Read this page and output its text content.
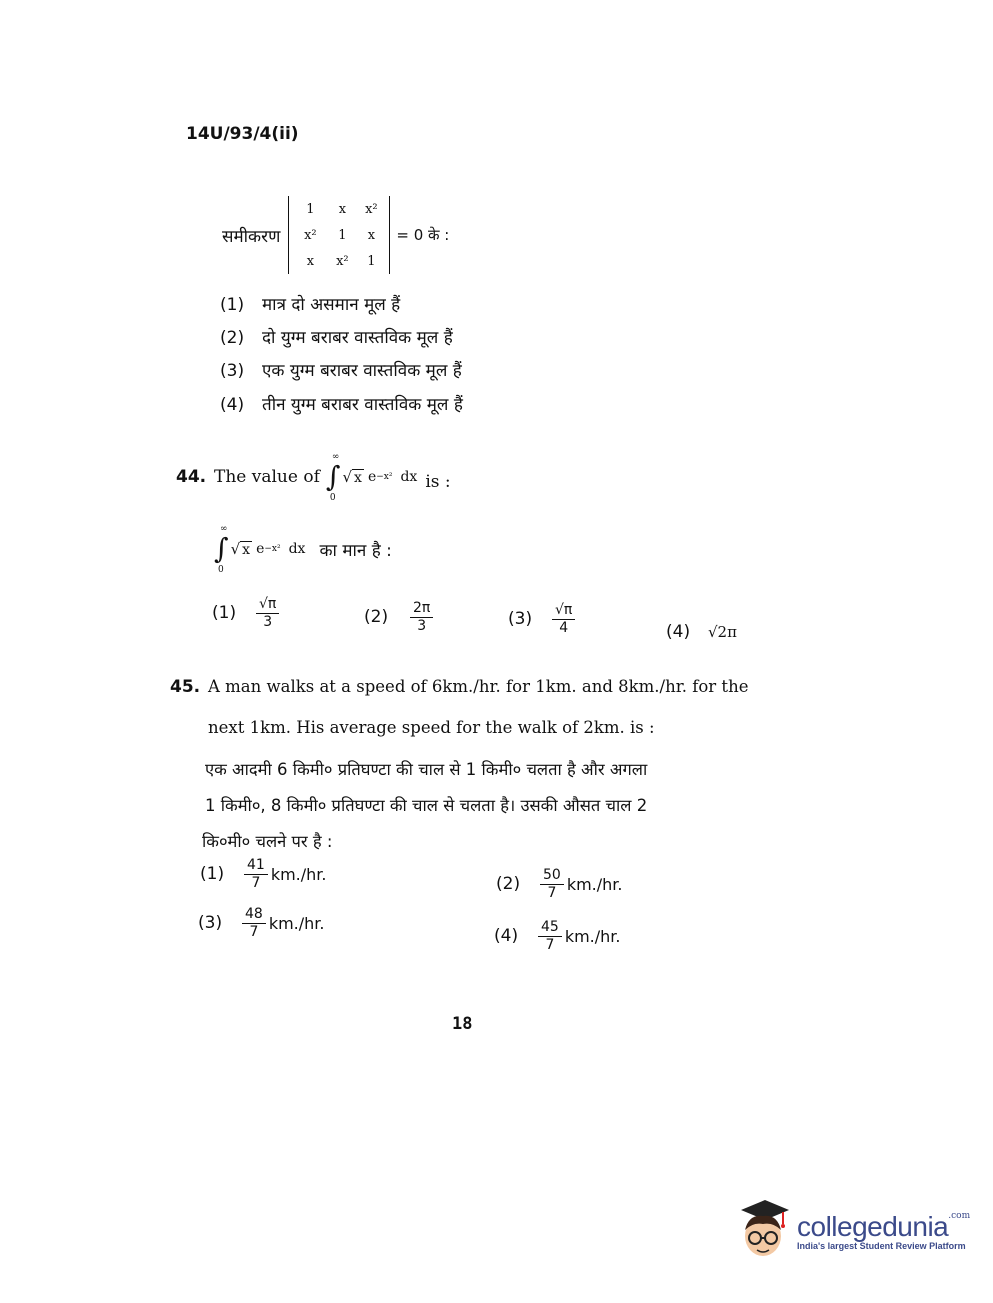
14U/93/4(ii)
समीकरण
1	x	x²
x²	1	x
x	x²	1
= 0 के :
(1) मात्र दो असमान मूल हैं
(2) दो युग्म बराबर वास्तविक मूल हैं
(3) एक युग्म बराबर वास्तविक मूल हैं
(4) तीन युग्म बराबर वास्तविक मूल हैं
44. The value of ∫
∞
0
√ x e −x² dx is :
∫
∞
0
√ x e −x² dx का मान है :
(1)	$\frac{√\pi}{3}$	(2)	$\frac{2\pi}{3}$	(3)	$\frac{√\pi}{4}$	(4)	√2π
45. A man walks at a speed of 6km./hr. for 1km. and 8km./hr. for the
next 1km. His average speed for the walk of 2km. is :
एक आदमी 6 किमी० प्रतिघण्टा की चाल से 1 किमी० चलता है और अगला
1 किमी०, 8 किमी० प्रतिघण्टा की चाल से चलता है। उसकी औसत चाल 2
कि०मी० चलने पर है :
(1)	$\frac{41}{7} km./hr$.	(2)	$\frac{50}{7} km./hr$.
(3)	$\frac{48}{7} km./hr$.
(4)	$\frac{45}{7} km./hr$.
18
collegedunia$^{.com}$
India's largest Student Review Platform
